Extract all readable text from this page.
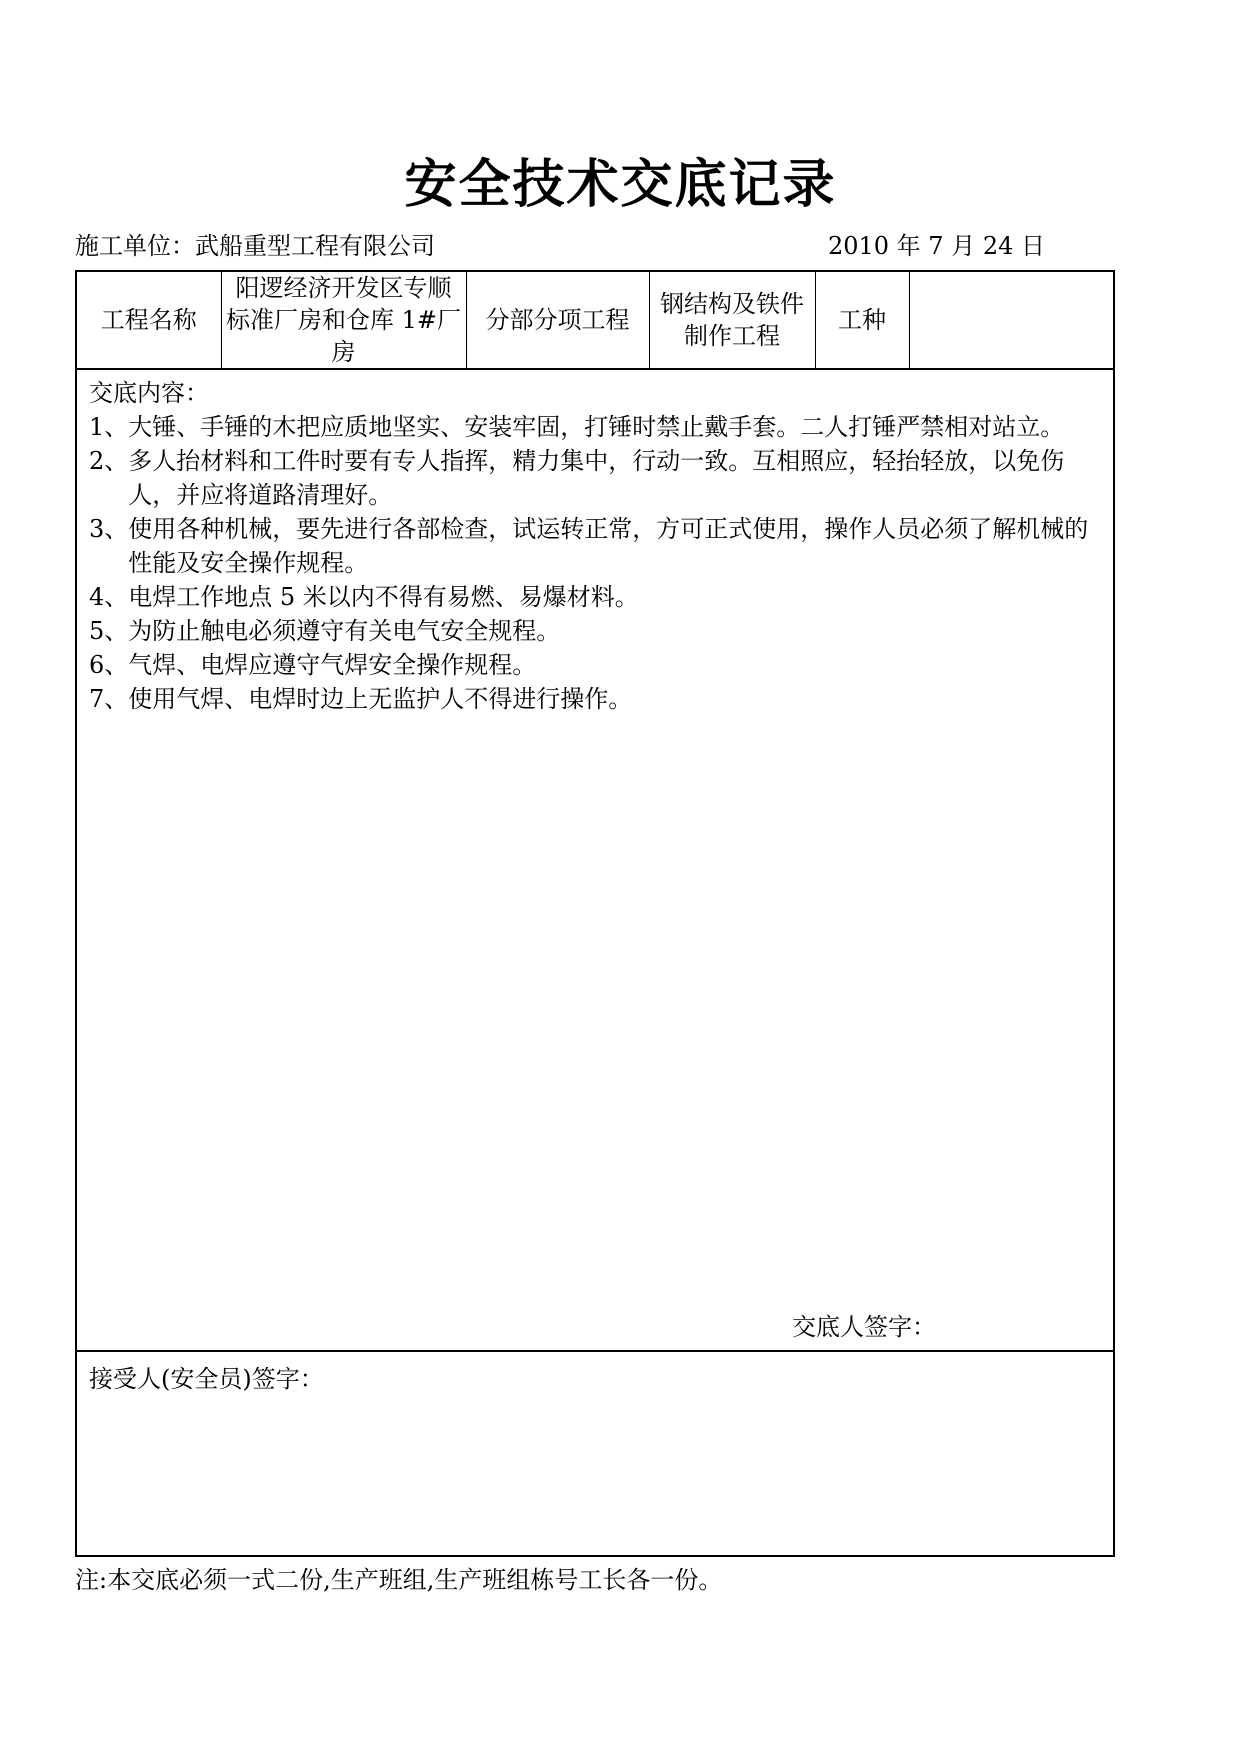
安全技术交底记录
施工单位：武船重型工程有限公司	2010 年 7 月 24 日
工程名称	阳逻经济开发区专顺标准厂房和仓库 1#厂房	分部分项工程	钢结构及铁件制作工程	工种	
交底内容：
1、 大锤、手锤的木把应质地坚实、安装牢固，打锤时禁止戴手套。二人打锤严禁相对站立。
2、 多人抬材料和工件时要有专人指挥，精力集中，行动一致。互相照应，轻抬轻放，以免伤人，并应将道路清理好。
3、 使用各种机械，要先进行各部检查，试运转正常，方可正式使用，操作人员必须了解机械的性能及安全操作规程。
4、 电焊工作地点 5 米以内不得有易燃、易爆材料。
5、 为防止触电必须遵守有关电气安全规程。
6、 气焊、电焊应遵守气焊安全操作规程。
7、 使用气焊、电焊时边上无监护人不得进行操作。
交底人签字：
接受人(安全员)签字：
注:本交底必须一式二份,生产班组,生产班组栋号工长各一份。
